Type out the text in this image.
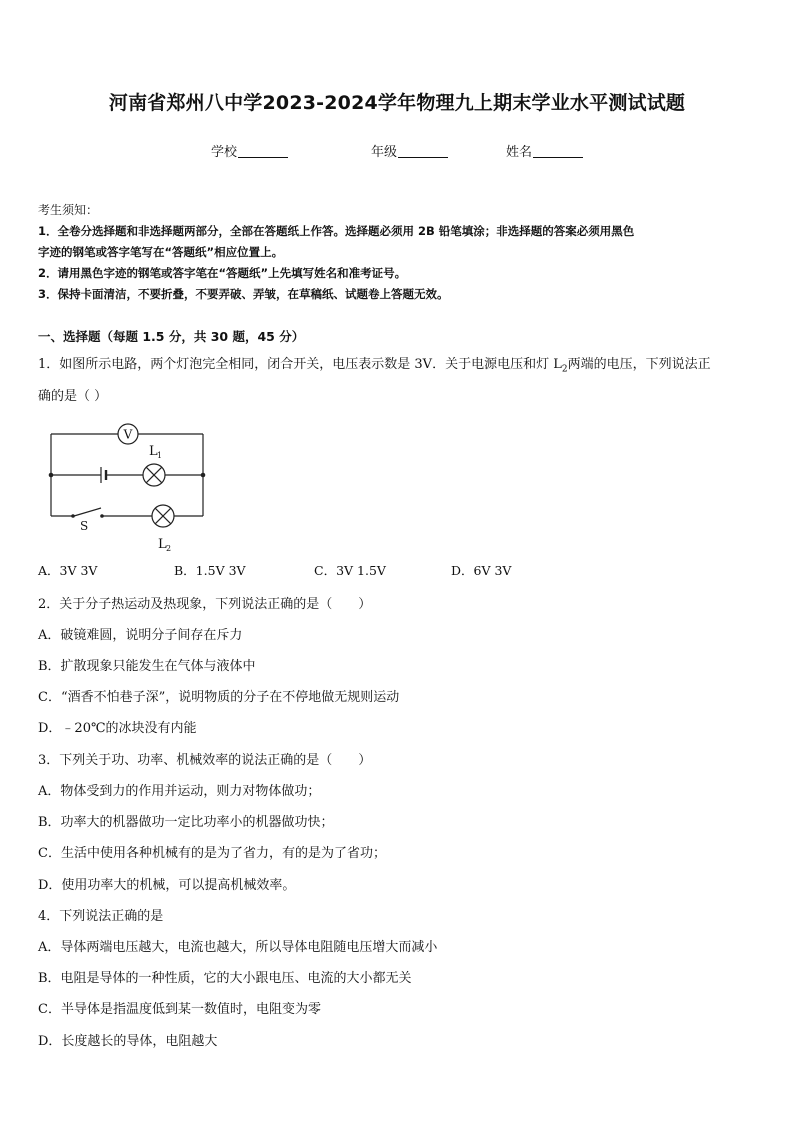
河南省郑州八中学2023-2024学年物理九上期末学业水平测试试题
学校	年级	姓名
考生须知：
1．全卷分选择题和非选择题两部分，全部在答题纸上作答。选择题必须用 2B 铅笔填涂；非选择题的答案必须用黑色
字迹的钢笔或答字笔写在“答题纸”相应位置上。
2．请用黑色字迹的钢笔或答字笔在“答题纸”上先填写姓名和准考证号。
3．保持卡面清洁，不要折叠，不要弄破、弄皱，在草稿纸、试题卷上答题无效。
一、选择题（每题 1.5 分，共 30 题，45 分）
1．如图所示电路，两个灯泡完全相同，闭合开关，电压表示数是 3V．关于电源电压和灯 $L_2$两端的电压，下列说法正
确的是（ ）
V
L 1
L 2
S
A．3V 3V	B．1.5V 3V	C．3V 1.5V	D．6V 3V
2．关于分子热运动及热现象，下列说法正确的是（　　）
A．破镜难圆，说明分子间存在斥力
B．扩散现象只能发生在气体与液体中
C．“酒香不怕巷子深”，说明物质的分子在不停地做无规则运动
D．﹣20℃的冰块没有内能
3．下列关于功、功率、机械效率的说法正确的是（　　）
A．物体受到力的作用并运动，则力对物体做功；
B．功率大的机器做功一定比功率小的机器做功快；
C．生活中使用各种机械有的是为了省力，有的是为了省功；
D．使用功率大的机械，可以提高机械效率。
4．下列说法正确的是
A．导体两端电压越大，电流也越大，所以导体电阻随电压增大而减小
B．电阻是导体的一种性质，它的大小跟电压、电流的大小都无关
C．半导体是指温度低到某一数值时，电阻变为零
D．长度越长的导体，电阻越大
